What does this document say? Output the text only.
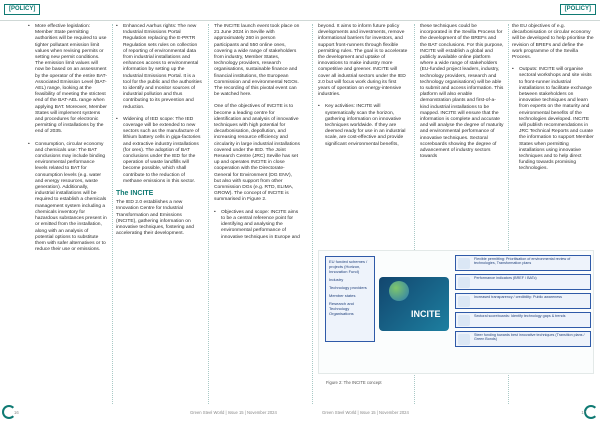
[POLICY]	[POLICY]
• More effective legislation: Member State permitting authorities will be required to use tighter pollutant emission limit values when revising permits or setting new permit conditions. The emission limit values will now be based on an assessment by the operator of the entire BAT-Associated Emission Level (BAT-AEL) range, looking at the feasibility of meeting the strictest end of the BAT-AEL range when applying BAT. Moreover, Member States will implement systems and procedures for electronic permitting of installations by the end of 2035.
• Consumption, circular economy and chemicals use: The BAT conclusions may include binding environmental performance levels related to BAT for consumption levels (e.g. water and energy resources, waste generation). Additionally, industrial installations will be required to establish a chemicals management system including a chemicals inventory for hazardous substances present in or emitted from the installation, along with an analysis of potential options to substitute them with safer alternatives or to reduce their use or emissions.
• Enhanced Aarhus rights: The new Industrial Emissions Portal Regulation replacing the E-PRTR Regulation sets rules on collection of reporting of environmental data from industrial installations and enhances access to environmental information by setting up the Industrial Emissions Portal. It is a tool for the public and the authorities to identify and monitor sources of industrial pollution and thus contributing to its prevention and reduction.
• Widening of IED scope: The IED coverage will be extended to new sectors such as the manufacture of lithium battery cells in giga-factories and extractive industry installations (for ores). The adoption of BAT conclusions under the IED for the operation of waste landfills will become possible, which shall contribute to the reduction of methane emissions in this sector.
The INCITE

The IED 2.0 establishes a new Innovation Centre for Industrial Transformation and Emissions (INCITE), gathering information on innovative techniques, fostering and accelerating their development.

The INCITE launch event took place on 21 June 2024 in Seville with approximately 260 in person participants and 550 online ones, covering a wide range of stakeholders from industry, Member States, technology providers, research organisations, sustainable finance and financial institutions, the European Commission and environmental NGOs. The recording of this pivotal event can be watched here.

One of the objectives of INCITE is to become a leading centre for identification and analysis of innovative techniques with high potential for decarbonisation, depollution, and increasing resource efficiency and circularity in large industrial installations covered under the IED. The Joint Research Centre (JRC) Seville has set up and operates INCITE in close cooperation with the Directorate-General for Environment (DG ENV), but also with support from other Commission DGs (e.g. RTD, ELIMA, GROW). The concept of INCITE is summarised in Figure 2.

• Objectives and scope: INCITE aims to be a central reference point for identifying and analysing the environmental performance of innovative techniques in Europe and

beyond. It aims to inform future policy developments and investments, remove informational barriers for investors, and support front-runners through flexible permitting rules. The goal is to accelerate the development and uptake of innovations to make industry more competitive and greener. INCITE will cover all industrial sectors under the IED 2.0 but will focus work during its first years of operation on energy-intensive industries.

• Key activities: INCITE will systematically scan the horizon, gathering information on innovative techniques worldwide. If they are deemed ready for use in an industrial scale, are cost-effective and provide significant environmental benefits,

these techniques could be incorporated in the Sevilla Process for the development of the BREFs and the BAT conclusions. For this purpose, INCITE will establish a global and publicly available online platform where a wide range of stakeholders (EU-funded project leaders, industry, technology providers, research and technology organisations) will be able to submit and access information. This platform will also enable demonstration plants and first-of-a-kind industrial installations to be mapped. INCITE will ensure that the information is complete and accurate and will analyse the degree of maturity and environmental performance of innovative techniques. Sectoral scoreboards showing the degree of advancement of industry sectors towards

the EU objectives of e.g. decarbonisation or circular economy will be developed to help prioritise the revision of BREFs and define the work programme of the Sevilla Process.

• Outputs: INCITE will organise sectoral workshops and site visits to front-runner industrial installations to facilitate exchange between stakeholders on innovative techniques and learn from experts on the maturity and environmental benefits of the technologies developed. INCITE will publish recommendations in JRC Technical Reports and curate the information to support Member States when permitting installations using innovative techniques and to help direct funding towards promising technologies.
EU funded schemes / projects (Horizon, Innovation Fund)
Industry
Technology providers
Member states
Research and Technology Organisations	INCITE
Flexible permitting: Prioritisation of environmental review of technologies, Transformation plans
Performance indicators (BREF / BATc)
Increased transparency / credibility: Public awareness
Sectoral scoreboards: Identify technology gaps & trends
Steer funding towards best innovative techniques (Transition plans / Green Bonds)
Figure 2: The INCITE concept
16	Green Steel World | Issue 15 | November 2024	Green Steel World | Issue 15 | November 2024	17
